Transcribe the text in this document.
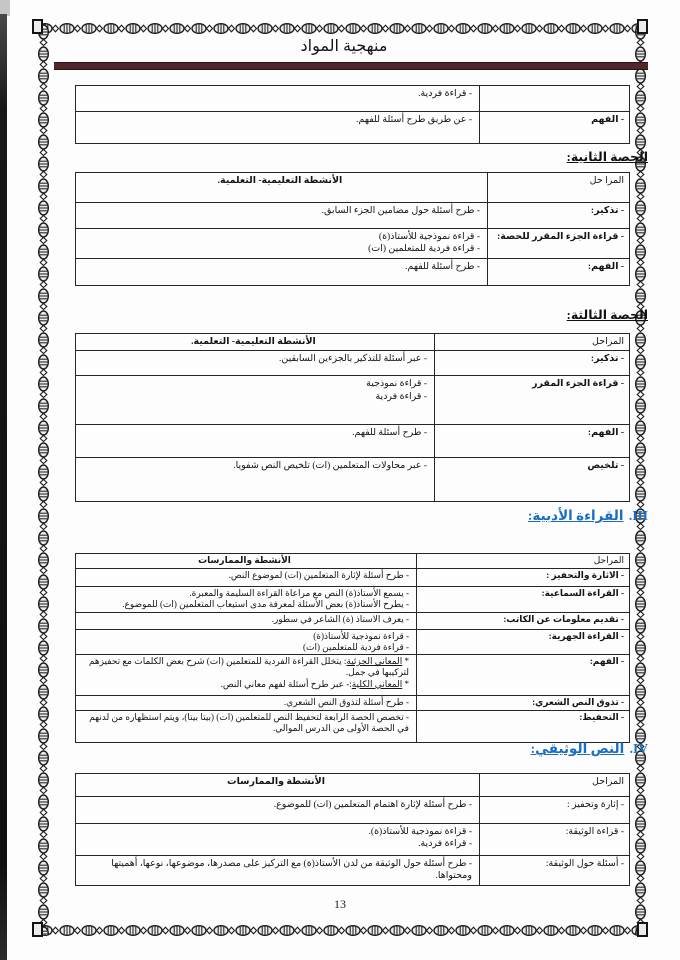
منهجية المواد
- قراءة فردية.
- الفهم
- عن طريق طرح أسئلة للفهم.
الحصة الثانية:
المرا حل
الأنشطة التعليمية- التعلمية.
- تذكير:
- طرح أسئلة حول مضامين الجزء السابق.
- قراءة الجزء المقرر للحصة:
- قراءة نموذجية للأستاذ(ة)
- قراءة فردية للمتعلمين (ات)
- الفهم:
- طرح أسئلة للفهم.
الحصة الثالثة:
المراحل
الأنشطة التعليمية- التعلمية.
- تذكير:
- عبر أسئلة للتذكير بالجزءين السابقين.
- قراءة الجزء المقرر
- قراءة نموذجية
- قراءة فردية
- الفهم:
- طرح أسئلة للفهم.
- تلخيص
- عبر محاولات المتعلمين (ات) تلخيص النص شفويا.
III. القراءة الأدبية:
المراحل
الأنشطة والممارسات
- الاثارة والتحفيز :
- طرح أسئلة لإثارة المتعلمين (ات) لموضوع النص.
- القراءة السماعية:
- يسمع الأستاذ(ة) النص مع مراعاة القراءة السليمة والمعبرة.
- يطرح الأستاذ(ة) بعض الأسئلة لمعرفة مدى استيعاب المتعلمين (ات) للموضوع.
- تقديم معلومات عن الكاتب:
- يعرف الاستاذ (ة) الشاعر في سطور.
- القراءة الجهرية:
- قراءة نموذجية للأستاذ(ة)
- قراءة فردية للمتعلمين (ات)
- الفهم:
* المعاني الجزئية: يتخلل القراءة الفردية للمتعلمين (ات) شرح بعض الكلمات مع تحفيزهم لتركيبها في جمل.
* المعاني الكلية:- عبر طرح أسئلة لفهم معاني النص.
- تذوق النص الشعري:
- طرح أسئلة لتذوق النص الشعري.
- التحفيظ:
- تخصص الحصة الرابعة لتحفيظ النص للمتعلمين (ات) (بيتا بيتا)، ويتم استظهاره من لدنهم في الحصة الأولى من الدرس الموالي.
IV. النص الوثيقي:
المراحل
الأنشطة والممارسات
- إثارة وتحفيز :
- طرح أسئلة لإثارة اهتمام المتعلمين (ات) للموضوع.
- قراءة الوثيقة:
- قراءة نموذجية للأستاذ(ة).
- قراءة فردية.
- أسئلة حول الوثيقة:
- طرح أسئلة حول الوثيقة من لدن الأستاذ(ة) مع التركيز على مصدرها، موضوعها، نوعها، أهميتها ومحتواها.
13
